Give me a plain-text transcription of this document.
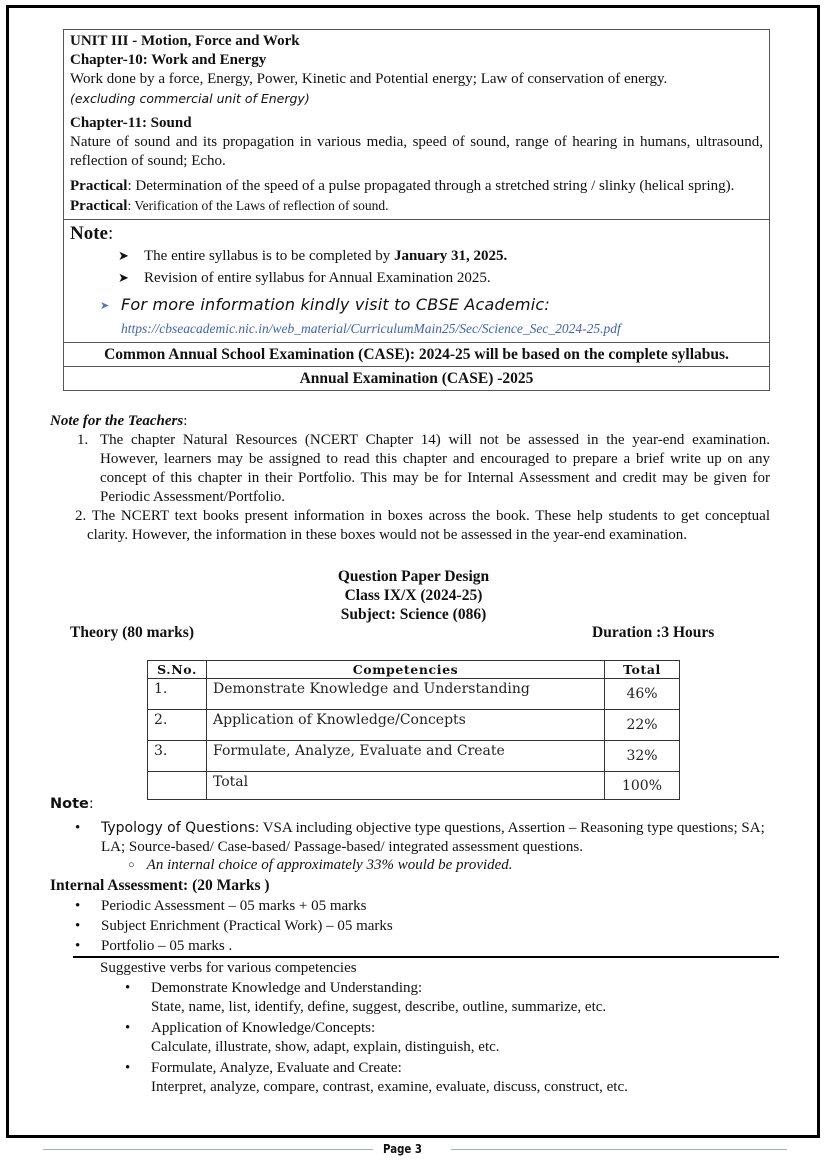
UNIT III - Motion, Force and Work

Chapter-10: Work and Energy

Work done by a force, Energy, Power, Kinetic and Potential energy; Law of conservation of energy.

(excluding commercial unit of Energy)

Chapter-11: Sound

Nature of sound and its propagation in various media, speed of sound, range of hearing in humans, ultrasound, reflection of sound; Echo.

Practical: Determination of the speed of a pulse propagated through a stretched string / slinky (helical spring).

Practical: Verification of the Laws of reflection of sound.

Note:

➤ The entire syllabus is to be completed by January 31, 2025.
➤ Revision of entire syllabus for Annual Examination 2025.
➤ For more information kindly visit to CBSE Academic:
https://cbseacademic.nic.in/web_material/CurriculumMain25/Sec/Science_Sec_2024-25.pdf
Common Annual School Examination (CASE): 2024-25 will be based on the complete syllabus.
Annual Examination (CASE) -2025
Note for the Teachers:
1. The chapter Natural Resources (NCERT Chapter 14) will not be assessed in the year-end examination. However, learners may be assigned to read this chapter and encouraged to prepare a brief write up on any concept of this chapter in their Portfolio. This may be for Internal Assessment and credit may be given for Periodic Assessment/Portfolio.
2. The NCERT text books present information in boxes across the book. These help students to get conceptual clarity. However, the information in these boxes would not be assessed in the year-end examination.
Question Paper Design
Class IX/X (2024-25)
Subject: Science (086)
Theory (80 marks)	Duration :3 Hours
S.No.	Competencies	Total
1.	Demonstrate Knowledge and Understanding	46%
2.	Application of Knowledge/Concepts	22%
3.	Formulate, Analyze, Evaluate and Create	32%
	Total	100%
Note:
• Typology of Questions: VSA including objective type questions, Assertion – Reasoning type questions; SA; LA; Source-based/ Case-based/ Passage-based/ integrated assessment questions.
○ An internal choice of approximately 33% would be provided.
Internal Assessment: (20 Marks )
• Periodic Assessment – 05 marks + 05 marks
• Subject Enrichment (Practical Work) – 05 marks
• Portfolio – 05 marks .
Suggestive verbs for various competencies
• Demonstrate Knowledge and Understanding:
State, name, list, identify, define, suggest, describe, outline, summarize, etc.
• Application of Knowledge/Concepts:
Calculate, illustrate, show, adapt, explain, distinguish, etc.
• Formulate, Analyze, Evaluate and Create:
Interpret, analyze, compare, contrast, examine, evaluate, discuss, construct, etc.
Page 3
